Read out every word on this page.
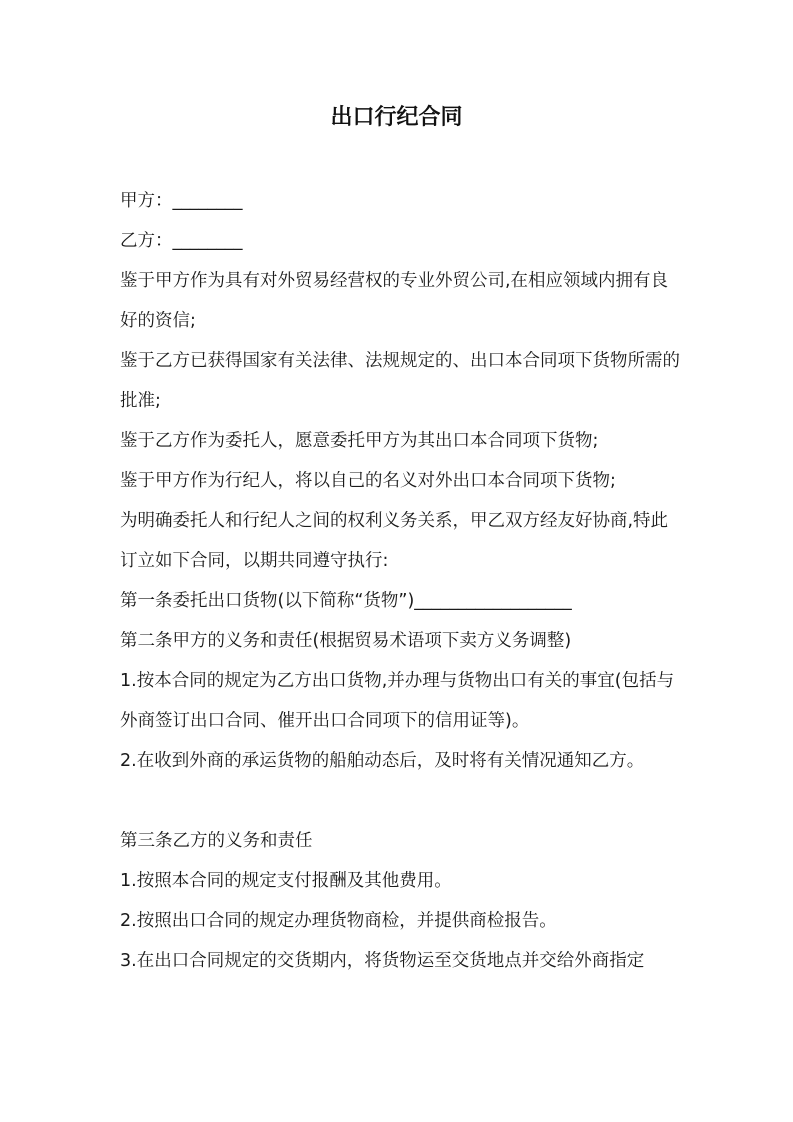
出口行纪合同

甲方：________

乙方：________

鉴于甲方作为具有对外贸易经营权的专业外贸公司,在相应领域内拥有良好的资信;

鉴于乙方已获得国家有关法律、法规规定的、出口本合同项下货物所需的批准;

鉴于乙方作为委托人，愿意委托甲方为其出口本合同项下货物;

鉴于甲方作为行纪人，将以自己的名义对外出口本合同项下货物;

为明确委托人和行纪人之间的权利义务关系，甲乙双方经友好协商,特此订立如下合同，以期共同遵守执行:

第一条委托出口货物(以下简称“货物”)__________________

第二条甲方的义务和责任(根据贸易术语项下卖方义务调整)

1.按本合同的规定为乙方出口货物,并办理与货物出口有关的事宜(包括与外商签订出口合同、催开出口合同项下的信用证等)。

2.在收到外商的承运货物的船舶动态后，及时将有关情况通知乙方。

第三条乙方的义务和责任

1.按照本合同的规定支付报酬及其他费用。

2.按照出口合同的规定办理货物商检，并提供商检报告。

3.在出口合同规定的交货期内，将货物运至交货地点并交给外商指定
